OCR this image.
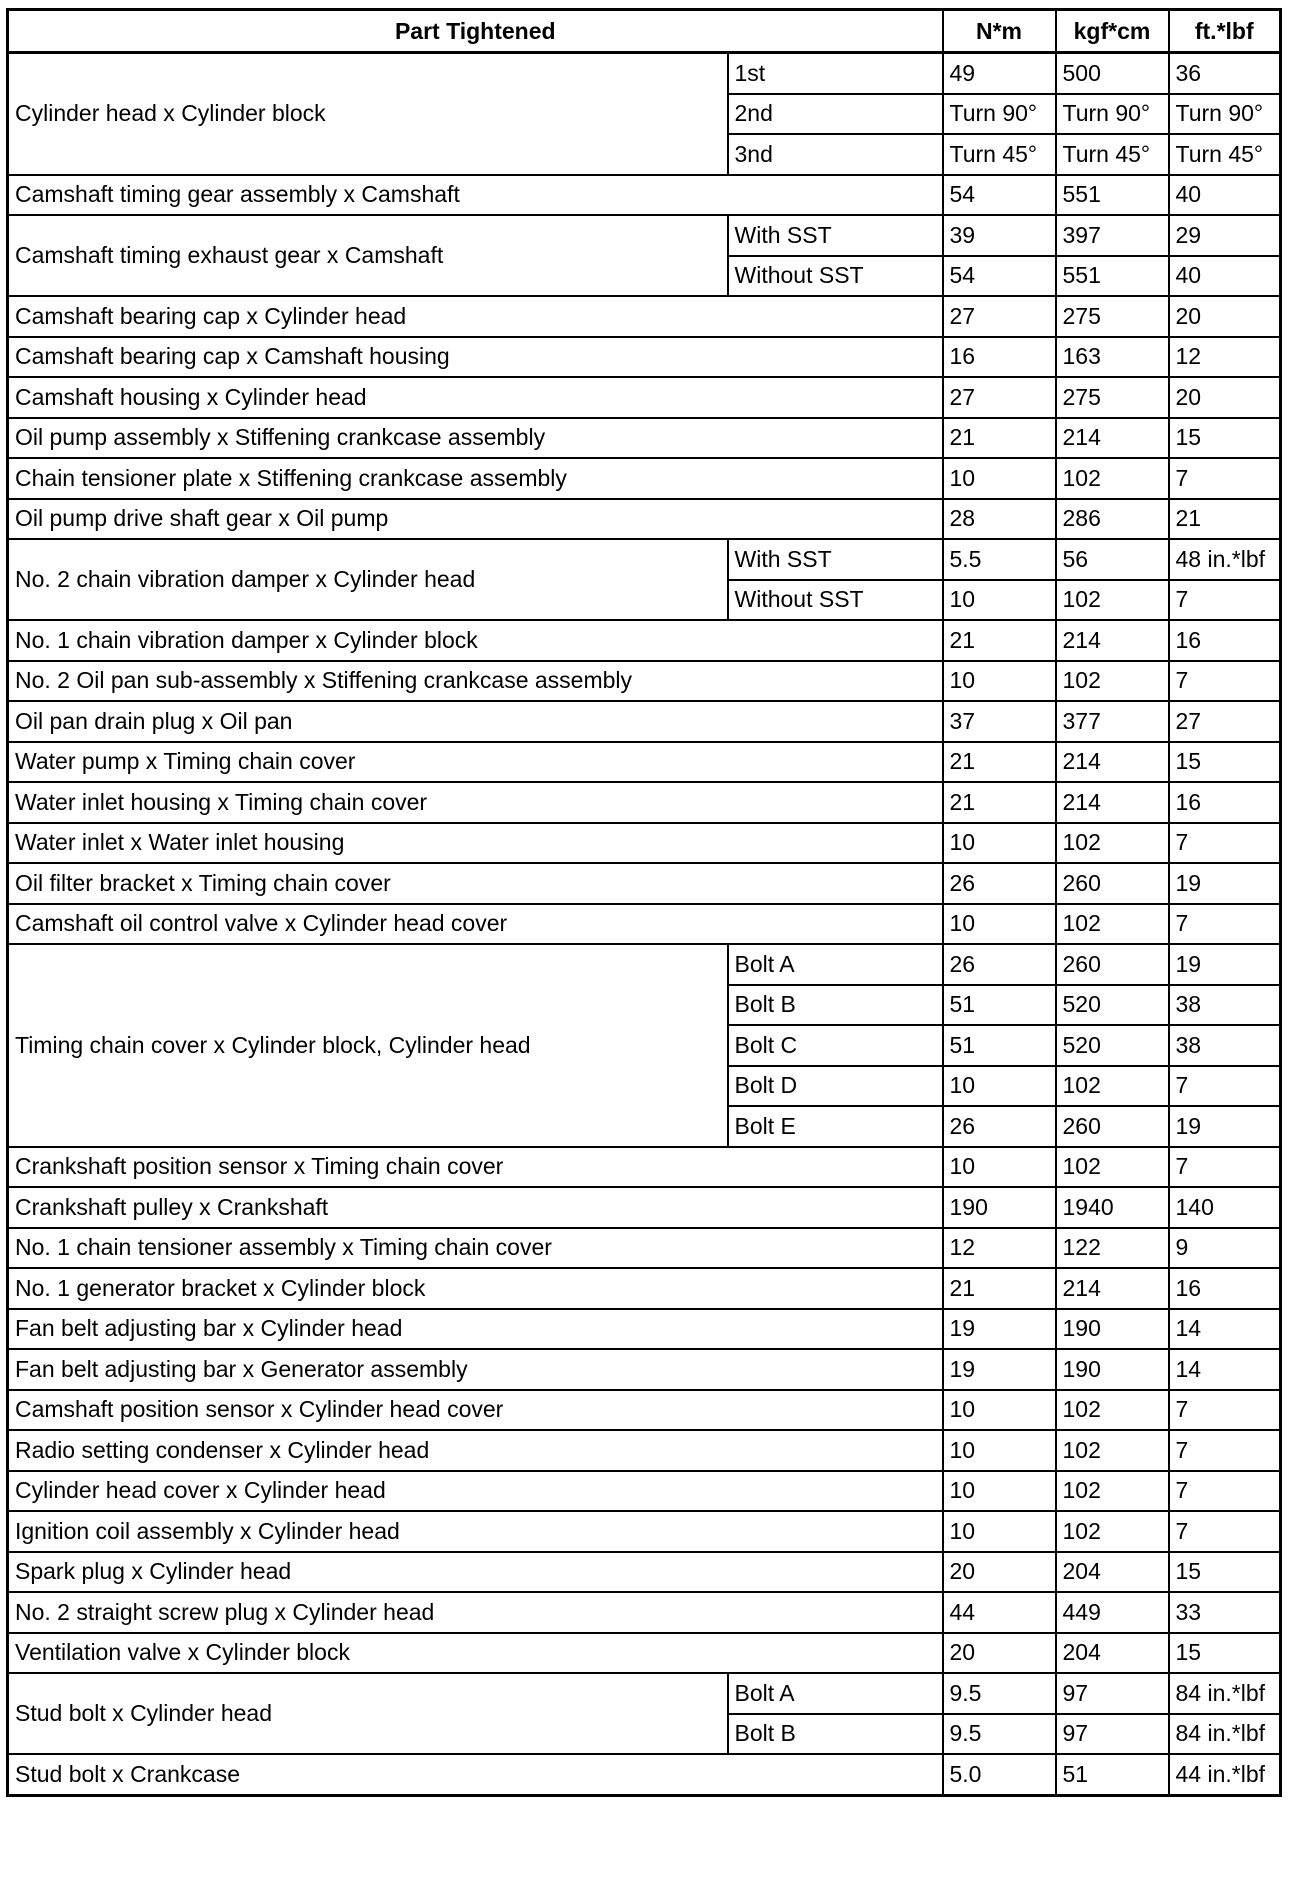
Part Tightened		N*m	kgf*cm	ft.*lbf
Cylinder head x Cylinder block	1st	49	500	36
	2nd	Turn 90°	Turn 90°	Turn 90°
	3nd	Turn 45°	Turn 45°	Turn 45°
Camshaft timing gear assembly x Camshaft		54	551	40
Camshaft timing exhaust gear x Camshaft	With SST	39	397	29
	Without SST	54	551	40
Camshaft bearing cap x Cylinder head		27	275	20
Camshaft bearing cap x Camshaft housing		16	163	12
Camshaft housing x Cylinder head		27	275	20
Oil pump assembly x Stiffening crankcase assembly		21	214	15
Chain tensioner plate x Stiffening crankcase assembly		10	102	7
Oil pump drive shaft gear x Oil pump		28	286	21
No. 2 chain vibration damper x Cylinder head	With SST	5.5	56	48 in.*lbf
	Without SST	10	102	7
No. 1 chain vibration damper x Cylinder block		21	214	16
No. 2 Oil pan sub-assembly x Stiffening crankcase assembly		10	102	7
Oil pan drain plug x Oil pan		37	377	27
Water pump x Timing chain cover		21	214	15
Water inlet housing x Timing chain cover		21	214	16
Water inlet x Water inlet housing		10	102	7
Oil filter bracket x Timing chain cover		26	260	19
Camshaft oil control valve x Cylinder head cover		10	102	7
Timing chain cover x Cylinder block, Cylinder head	Bolt A	26	260	19
	Bolt B	51	520	38
	Bolt C	51	520	38
	Bolt D	10	102	7
	Bolt E	26	260	19
Crankshaft position sensor x Timing chain cover		10	102	7
Crankshaft pulley x Crankshaft		190	1940	140
No. 1 chain tensioner assembly x Timing chain cover		12	122	9
No. 1 generator bracket x Cylinder block		21	214	16
Fan belt adjusting bar x Cylinder head		19	190	14
Fan belt adjusting bar x Generator assembly		19	190	14
Camshaft position sensor x Cylinder head cover		10	102	7
Radio setting condenser x Cylinder head		10	102	7
Cylinder head cover x Cylinder head		10	102	7
Ignition coil assembly x Cylinder head		10	102	7
Spark plug x Cylinder head		20	204	15
No. 2 straight screw plug x Cylinder head		44	449	33
Ventilation valve x Cylinder block		20	204	15
Stud bolt x Cylinder head	Bolt A	9.5	97	84 in.*lbf
	Bolt B	9.5	97	84 in.*lbf
Stud bolt x Crankcase		5.0	51	44 in.*lbf
